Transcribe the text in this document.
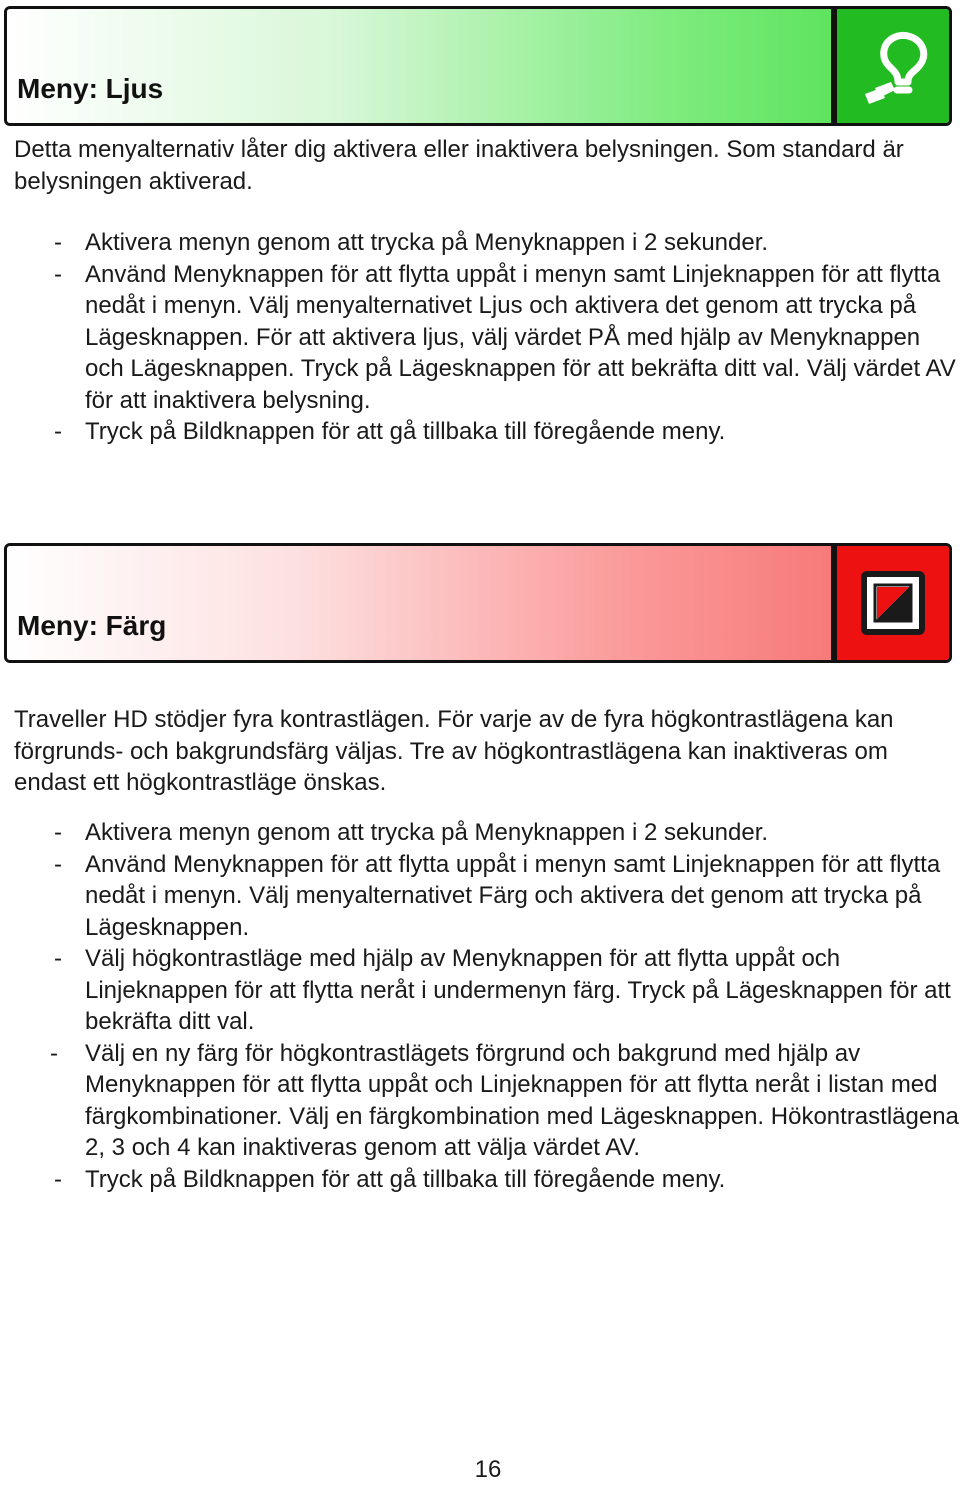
Meny: Ljus

Detta menyalternativ låter dig aktivera eller inaktivera belysningen. Som standard är belysningen aktiverad.

- Aktivera menyn genom att trycka på Menyknappen i 2 sekunder.
- Använd Menyknappen för att flytta uppåt i menyn samt Linjeknappen för att flytta nedåt i menyn. Välj menyalternativet Ljus och aktivera det genom att trycka på Lägesknappen. För att aktivera ljus, välj värdet PÅ med hjälp av Menyknappen och Lägesknappen. Tryck på Lägesknappen för att bekräfta ditt val. Välj värdet AV för att inaktivera belysning.
- Tryck på Bildknappen för att gå tillbaka till föregående meny.
Meny: Färg

Traveller HD stödjer fyra kontrastlägen. För varje av de fyra högkontrastlägena kan förgrunds- och bakgrundsfärg väljas. Tre av högkontrastlägena kan inaktiveras om endast ett högkontrastläge önskas.

- Aktivera menyn genom att trycka på Menyknappen i 2 sekunder.
- Använd Menyknappen för att flytta uppåt i menyn samt Linjeknappen för att flytta nedåt i menyn. Välj menyalternativet Färg och aktivera det genom att trycka på Lägesknappen.
- Välj högkontrastläge med hjälp av Menyknappen för att flytta uppåt och Linjeknappen för att flytta neråt i undermenyn färg. Tryck på Lägesknappen för att bekräfta ditt val.
- Välj en ny färg för högkontrastlägets förgrund och bakgrund med hjälp av Menyknappen för att flytta uppåt och Linjeknappen för att flytta neråt i listan med färgkombinationer. Välj en färgkombination med Lägesknappen. Hökontrastlägena 2, 3 och 4 kan inaktiveras genom att välja värdet AV.
- Tryck på Bildknappen för att gå tillbaka till föregående meny.
16
